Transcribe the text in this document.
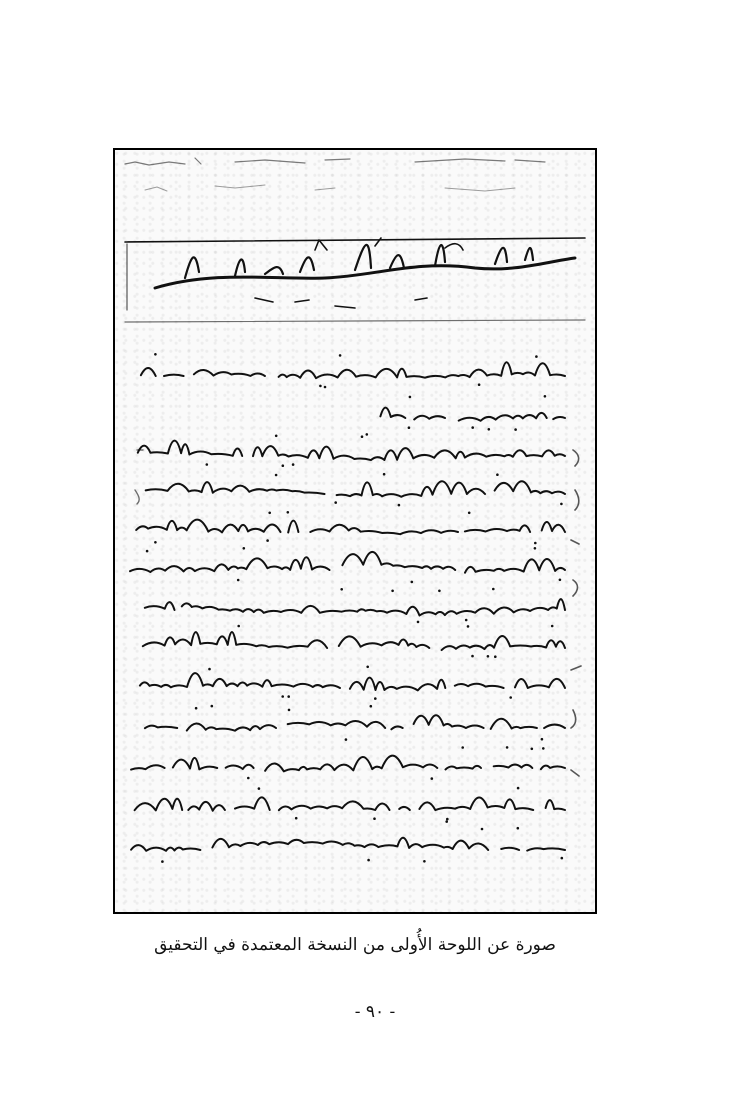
صورة عن اللوحة الأُولى من النسخة المعتمدة في التحقيق
- ٩٠ -
